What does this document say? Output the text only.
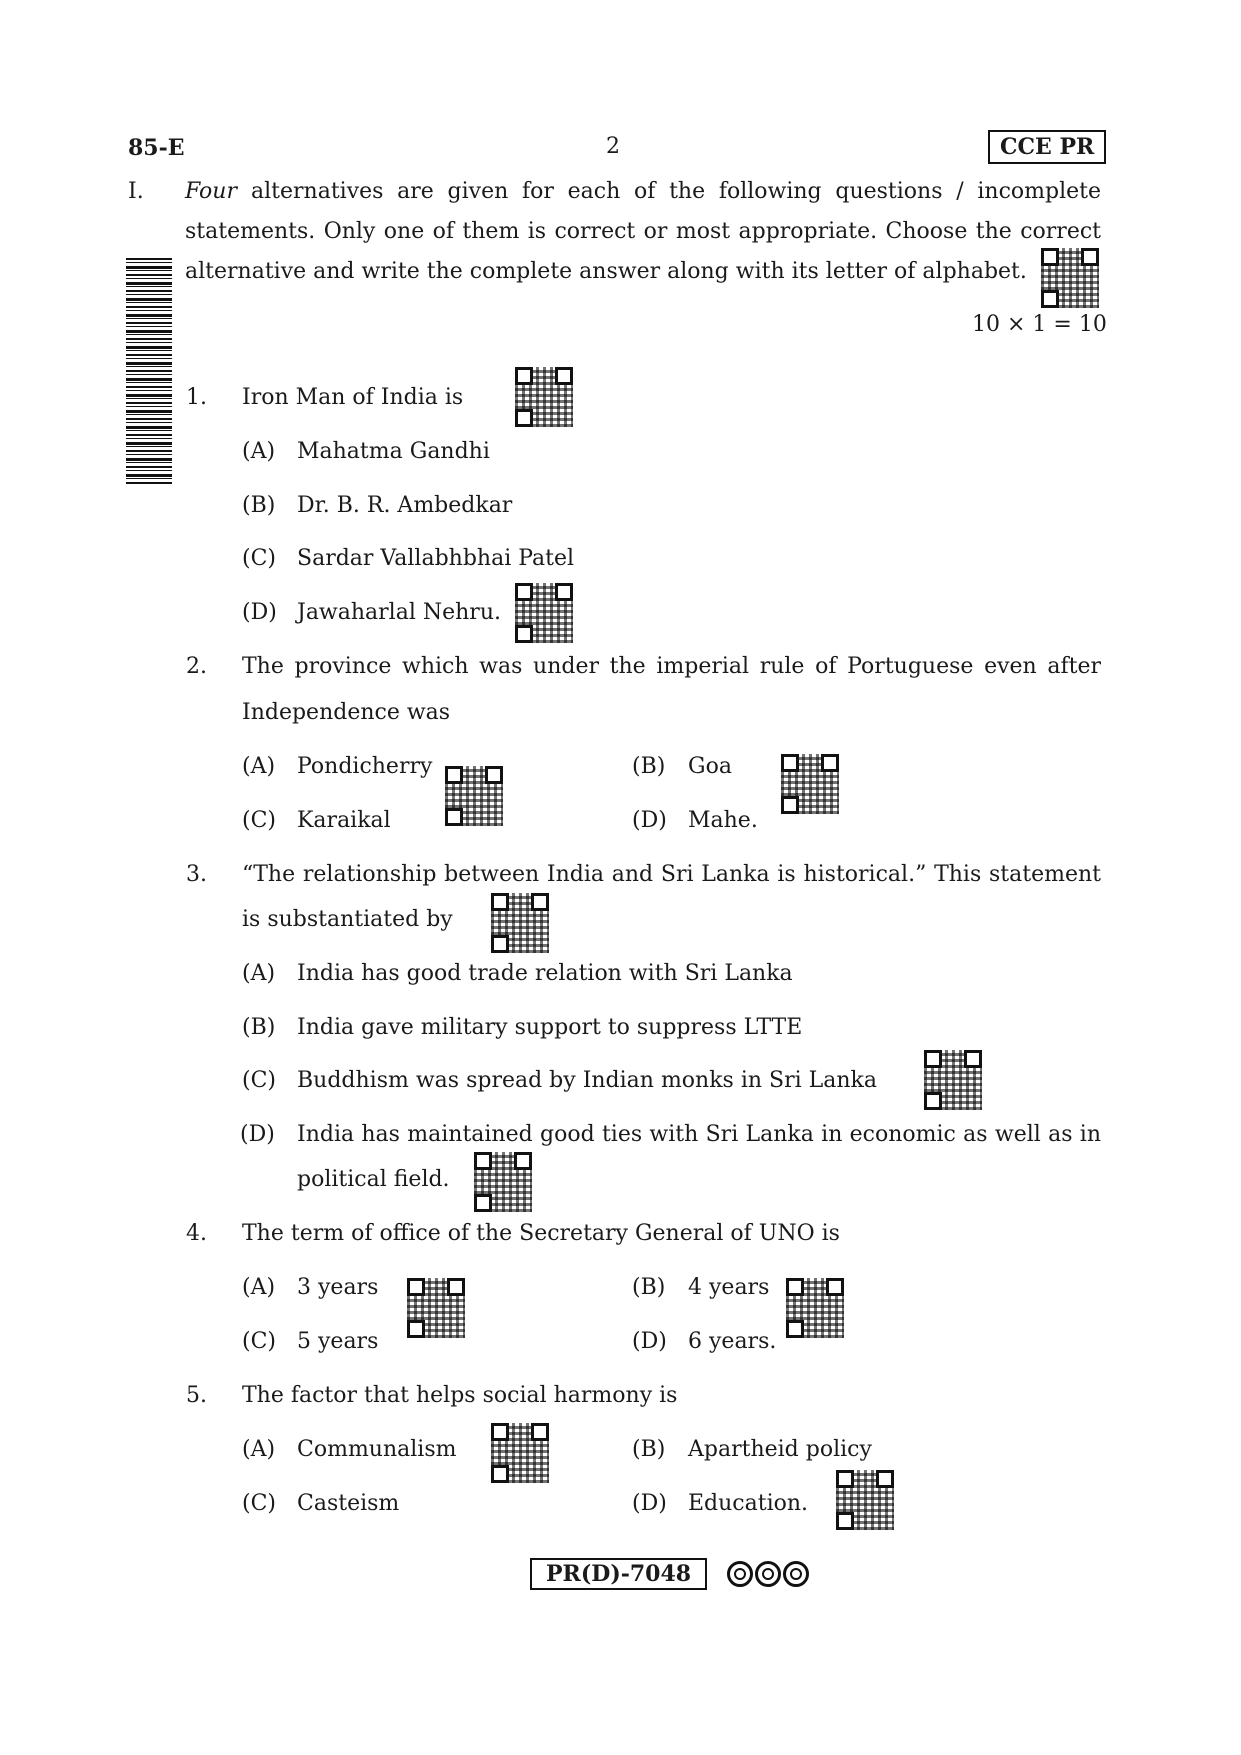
85-E	2	CCE PR
I. Four alternatives are given for each of the following questions / incomplete
statements. Only one of them is correct or most appropriate. Choose the correct
alternative and write the complete answer along with its letter of alphabet.
10 × 1 = 10
1. Iron Man of India is
(A) Mahatma Gandhi
(B) Dr. B. R. Ambedkar
(C) Sardar Vallabhbhai Patel
(D) Jawaharlal Nehru.
2. The province which was under the imperial rule of Portuguese even after
Independence was
(A) Pondicherry	(B) Goa
(C) Karaikal	(D) Mahe.
3. “The relationship between India and Sri Lanka is historical.” This statement
is substantiated by
(A) India has good trade relation with Sri Lanka
(B) India gave military support to suppress LTTE
(C) Buddhism was spread by Indian monks in Sri Lanka
(D) India has maintained good ties with Sri Lanka in economic as well as in
political field.
4. The term of office of the Secretary General of UNO is
(A) 3 years	(B) 4 years
(C) 5 years	(D) 6 years.
5. The factor that helps social harmony is
(A) Communalism	(B) Apartheid policy
(C) Casteism	(D) Education.
PR(D)-7048
